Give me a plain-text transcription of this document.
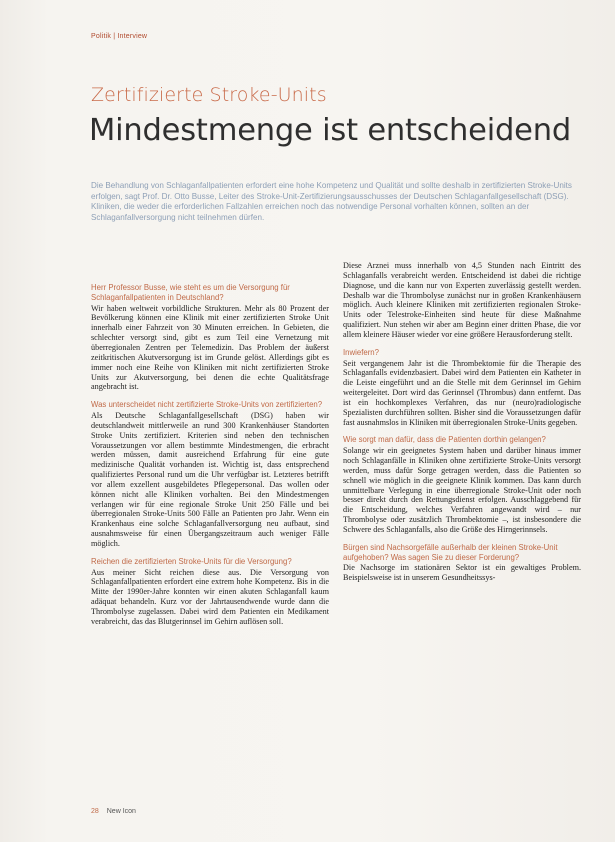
Politik | Interview
Zertifizierte Stroke-Units
Mindestmenge ist entscheidend
Die Behandlung von Schlaganfallpatienten erfordert eine hohe Kompetenz und Qualität und sollte deshalb in zertifizierten Stroke-Units erfolgen, sagt Prof. Dr. Otto Busse, Leiter des Stroke-Unit-Zertifizierungsausschusses der Deutschen Schlaganfallgesellschaft (DSG). Kliniken, die weder die erforderlichen Fallzahlen erreichen noch das notwendige Personal vorhalten können, sollten an der Schlaganfallversorgung nicht teilnehmen dürfen.
Herr Professor Busse, wie steht es um die Versorgung für Schlaganfallpatienten in Deutschland?

Wir haben weltweit vorbildliche Strukturen. Mehr als 80 Prozent der Bevölkerung können eine Klinik mit einer zertifizierten Stroke Unit innerhalb einer Fahrzeit von 30 Minuten erreichen. In Gebieten, die schlechter versorgt sind, gibt es zum Teil eine Vernetzung mit überregionalen Zentren per Telemedizin. Das Problem der äußerst zeitkritischen Akutversorgung ist im Grunde gelöst. Allerdings gibt es immer noch eine Reihe von Kliniken mit nicht zertifizierten Stroke Units zur Akutversorgung, bei denen die echte Qualitätsfrage angebracht ist.

Was unterscheidet nicht zertifizierte Stroke-Units von zertifizierten?

Als Deutsche Schlaganfallgesellschaft (DSG) haben wir deutschlandweit mittlerweile an rund 300 Krankenhäuser Standorten Stroke Units zertifiziert. Kriterien sind neben den technischen Voraussetzungen vor allem bestimmte Mindestmengen, die erbracht werden müssen, damit ausreichend Erfahrung für eine gute medizinische Qualität vorhanden ist. Wichtig ist, dass entsprechend qualifiziertes Personal rund um die Uhr verfügbar ist. Letzteres betrifft vor allem exzellent ausgebildetes Pflegepersonal. Das wollen oder können nicht alle Kliniken vorhalten. Bei den Mindestmengen verlangen wir für eine regionale Stroke Unit 250 Fälle und bei überregionalen Stroke-Units 500 Fälle an Patienten pro Jahr. Wenn ein Krankenhaus eine solche Schlaganfallversorgung neu aufbaut, sind ausnahmsweise für einen Übergangszeitraum auch weniger Fälle möglich.

Reichen die zertifizierten Stroke-Units für die Versorgung?

Aus meiner Sicht reichen diese aus. Die Versorgung von Schlaganfallpatienten erfordert eine extrem hohe Kompetenz. Bis in die Mitte der 1990er-Jahre konnten wir einen akuten Schlaganfall kaum adäquat behandeln. Kurz vor der Jahrtausendwende wurde dann die Thrombolyse zugelassen. Dabei wird dem Patienten ein Medikament verabreicht, das das Blutgerinnsel im Gehirn auflösen soll.

Diese Arznei muss innerhalb von 4,5 Stunden nach Eintritt des Schlaganfalls verabreicht werden. Entscheidend ist dabei die richtige Diagnose, und die kann nur von Experten zuverlässig gestellt werden. Deshalb war die Thrombolyse zunächst nur in großen Krankenhäusern möglich. Auch kleinere Kliniken mit zertifizierten regionalen Stroke-Units oder Telestroke-Einheiten sind heute für diese Maßnahme qualifiziert. Nun stehen wir aber am Beginn einer dritten Phase, die vor allem kleinere Häuser wieder vor eine größere Herausforderung stellt.

Inwiefern?

Seit vergangenem Jahr ist die Thrombektomie für die Therapie des Schlaganfalls evidenzbasiert. Dabei wird dem Patienten ein Katheter in die Leiste eingeführt und an die Stelle mit dem Gerinnsel im Gehirn weitergeleitet. Dort wird das Gerinnsel (Thrombus) dann entfernt. Das ist ein hochkomplexes Verfahren, das nur (neuro)radiologische Spezialisten durchführen sollten. Bisher sind die Voraussetzungen dafür fast ausnahmslos in Kliniken mit überregionalen Stroke-Units gegeben.

Wie sorgt man dafür, dass die Patienten dorthin gelangen?

Solange wir ein geeignetes System haben und darüber hinaus immer noch Schlaganfälle in Kliniken ohne zertifizierte Stroke-Units versorgt werden, muss dafür Sorge getragen werden, dass die Patienten so schnell wie möglich in die geeignete Klinik kommen. Das kann durch unmittelbare Verlegung in eine überregionale Stroke-Unit oder noch besser direkt durch den Rettungsdienst erfolgen. Ausschlaggebend für die Entscheidung, welches Verfahren angewandt wird – nur Thrombolyse oder zusätzlich Thrombektomie –, ist insbesondere die Schwere des Schlaganfalls, also die Größe des Hirngerinnsels.

Bürgen sind Nachsorgefälle außerhalb der kleinen Stroke-Unit aufgehoben? Was sagen Sie zu dieser Forderung?

Die Nachsorge im stationären Sektor ist ein gewaltiges Problem. Beispielsweise ist in unserem Gesundheitssys-

28 New Icon
